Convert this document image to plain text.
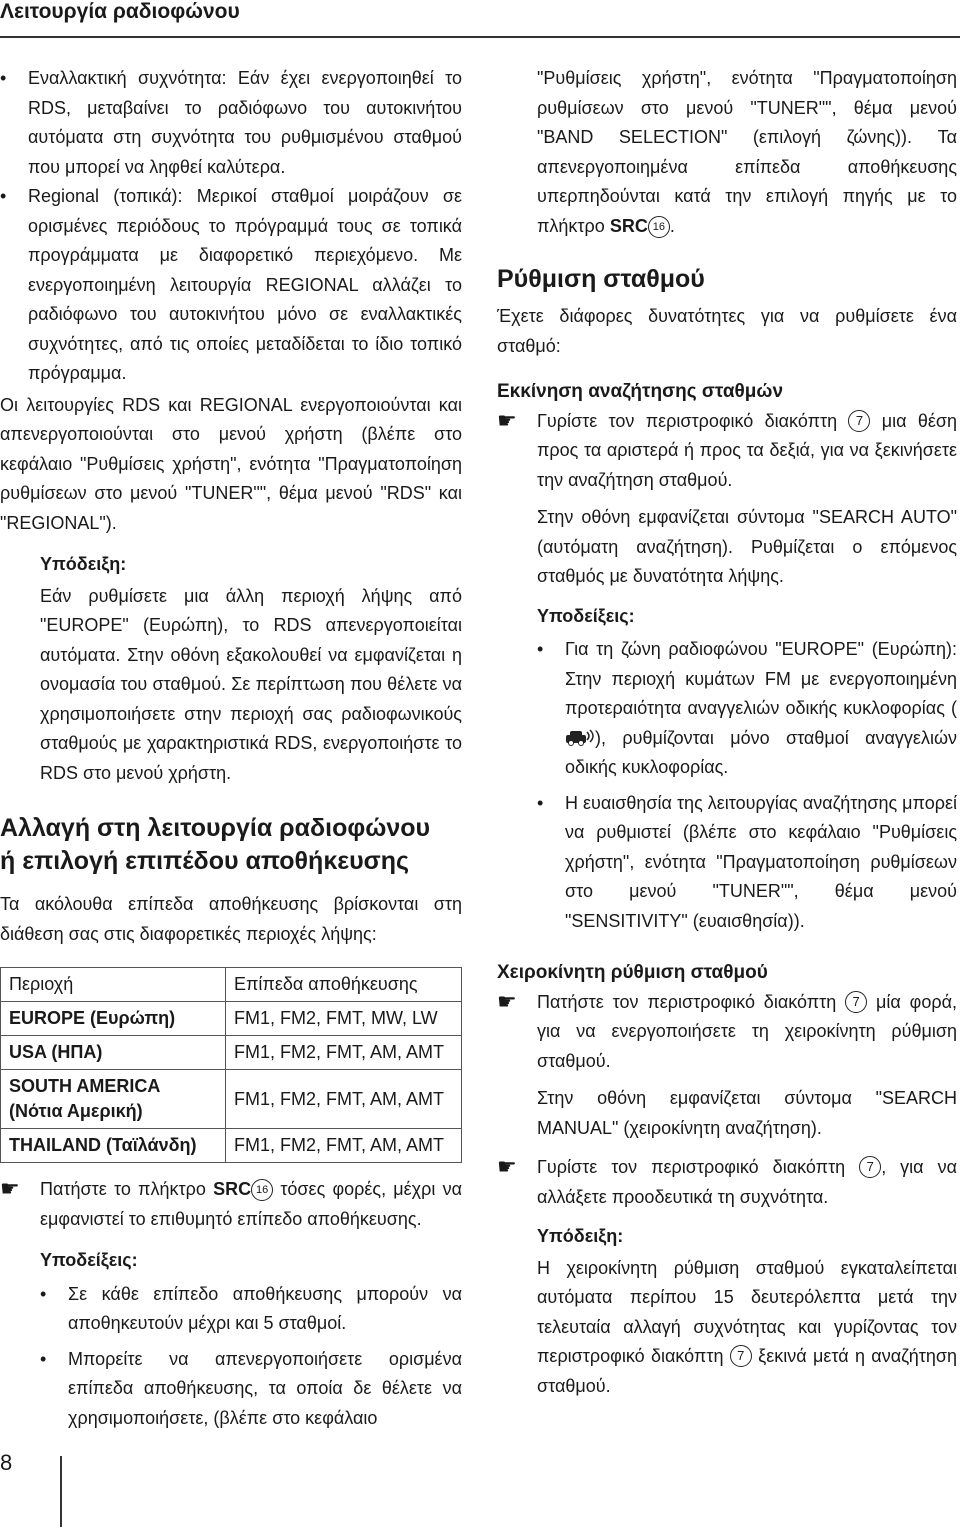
Λειτουργία ραδιοφώνου

• Εναλλακτική συχνότητα: Εάν έχει ενεργοποιηθεί το RDS, μεταβαίνει το ραδιόφωνο του αυτοκινήτου αυτόματα στη συχνότητα του ρυθμισμένου σταθμού που μπορεί να ληφθεί καλύτερα.

• Regional (τοπικά): Μερικοί σταθμοί μοιράζουν σε ορισμένες περιόδους το πρόγραμμά τους σε τοπικά προγράμματα με διαφορετικό περιεχόμενο. Με ενεργοποιημένη λειτουργία REGIONAL αλλάζει το ραδιόφωνο του αυτοκινήτου μόνο σε εναλλακτικές συχνότητες, από τις οποίες μεταδίδεται το ίδιο τοπικό πρόγραμμα.

Οι λειτουργίες RDS και REGIONAL ενεργοποιούνται και απενεργοποιούνται στο μενού χρήστη (βλέπε στο κεφάλαιο "Ρυθμίσεις χρήστη", ενότητα "Πραγματοποίηση ρυθμίσεων στο μενού "TUNER"", θέμα μενού "RDS" και "REGIONAL").

Υπόδειξη:

Εάν ρυθμίσετε μια άλλη περιοχή λήψης από "EUROPE" (Ευρώπη), το RDS απενεργοποιείται αυτόματα. Στην οθόνη εξακολουθεί να εμφανίζεται η ονομασία του σταθμού. Σε περίπτωση που θέλετε να χρησιμοποιήσετε στην περιοχή σας ραδιοφωνικούς σταθμούς με χαρακτηριστικά RDS, ενεργοποιήστε το RDS στο μενού χρήστη.

Αλλαγή στη λειτουργία ραδιοφώνου
ή επιλογή επιπέδου αποθήκευσης

Τα ακόλουθα επίπεδα αποθήκευσης βρίσκονται στη διάθεση σας στις διαφορετικές περιοχές λήψης:

Περιοχή	Επίπεδα αποθήκευσης
EUROPE (Ευρώπη)	FM1, FM2, FMT, MW, LW
USA (ΗΠΑ)	FM1, FM2, FMT, AM, AMT

SOUTH AMERICA
(Νότια Αμερική)	FM1, FM2, FMT, AM, AMT
THAILAND (Ταϊλάνδη)	FM1, FM2, FMT, AM, AMT

☛ Πατήστε το πλήκτρο SRC 16 τόσες φορές, μέχρι να εμφανιστεί το επιθυμητό επίπεδο αποθήκευσης.

Υποδείξεις:

• Σε κάθε επίπεδο αποθήκευσης μπορούν να αποθηκευτούν μέχρι και 5 σταθμοί.

• Μπορείτε να απενεργοποιήσετε ορισμένα επίπεδα αποθήκευσης, τα οποία δε θέλετε να χρησιμοποιήσετε, (βλέπε στο κεφάλαιο

"Ρυθμίσεις χρήστη", ενότητα "Πραγματοποίηση ρυθμίσεων στο μενού "TUNER"", θέμα μενού "BAND SELECTION" (επιλογή ζώνης)). Τα απενεργοποιημένα επίπεδα αποθήκευσης υπερπηδούνται κατά την επιλογή πηγής με το πλήκτρο SRC 16 .

Ρύθμιση σταθμού

Έχετε διάφορες δυνατότητες για να ρυθμίσετε ένα σταθμό:

Εκκίνηση αναζήτησης σταθμών

☛ Γυρίστε τον περιστροφικό διακόπτη 7 μια θέση προς τα αριστερά ή προς τα δεξιά, για να ξεκινήσετε την αναζήτηση σταθμού.

Στην οθόνη εμφανίζεται σύντομα "SEARCH AUTO" (αυτόματη αναζήτηση). Ρυθμίζεται ο επόμενος σταθμός με δυνατότητα λήψης.

Υποδείξεις:

• Για τη ζώνη ραδιοφώνου "EUROPE" (Ευρώπη): Στην περιοχή κυμάτων FM με ενεργοποιημένη προτεραιότητα αναγγελιών οδικής κυκλοφορίας (), ρυθμίζονται μόνο σταθμοί αναγγελιών οδικής κυκλοφορίας.

• Η ευαισθησία της λειτουργίας αναζήτησης μπορεί να ρυθμιστεί (βλέπε στο κεφάλαιο "Ρυθμίσεις χρήστη", ενότητα "Πραγματοποίηση ρυθμίσεων στο μενού "TUNER"", θέμα μενού "SENSITIVITY" (ευαισθησία)).

Χειροκίνητη ρύθμιση σταθμού

☛ Πατήστε τον περιστροφικό διακόπτη 7 μία φορά, για να ενεργοποιήσετε τη χειροκίνητη ρύθμιση σταθμού.

Στην οθόνη εμφανίζεται σύντομα "SEARCH MANUAL" (χειροκίνητη αναζήτηση).

☛ Γυρίστε τον περιστροφικό διακόπτη 7 , για να αλλάξετε προοδευτικά τη συχνότητα.

Υπόδειξη:

Η χειροκίνητη ρύθμιση σταθμού εγκαταλείπεται αυτόματα περίπου 15 δευτερόλεπτα μετά την τελευταία αλλαγή συχνότητας και γυρίζοντας τον περιστροφικό διακόπτη 7 ξεκινά μετά η αναζήτηση σταθμού.

8
